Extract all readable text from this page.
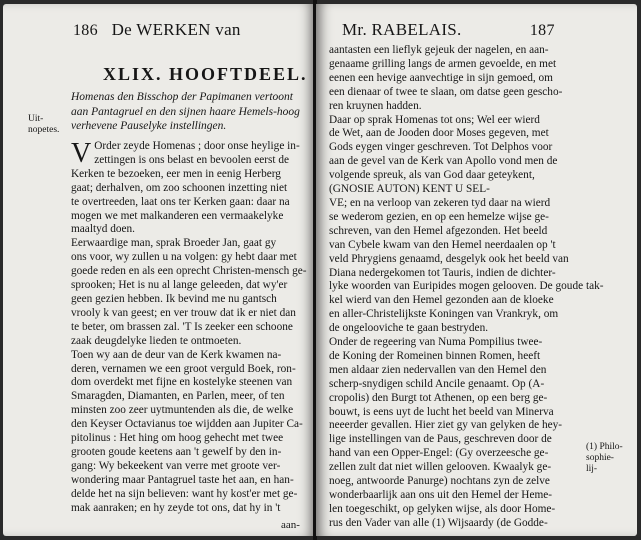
186 De WERKEN van
XLIX. HOOFTDEEL.
Uit-
nopetes.
Homenas den Bisschop der Papimanen vertoont aan Pantagruel en den sijnen haare Hemels-hoog verhevene Pauselyke instellingen.
V Order zeyde Homenas ; door onse heylige in-
zettingen is ons belast en bevoolen eerst de
Kerken te bezoeken, eer men in eenig Herberg
gaat; derhalven, om zoo schoonen inzetting niet
te overtreeden, laat ons ter Kerken gaan: daar na
mogen we met malkanderen een vermaakelyke
maaltyd doen.
Eerwaardige man, sprak Broeder Jan, gaat gy
ons voor, wy zullen u na volgen: gy hebt daar met
goede reden en als een oprecht Christen-mensch ge-
sprooken; Het is nu al lange geleeden, dat wy'er
geen gezien hebben. Ik bevind me nu gantsch
vrooly k van geest; en ver trouw dat ik er niet dan
te beter, om brassen zal. 'T Is zeeker een schoone
zaak deugdelyke lieden te ontmoeten.
Toen wy aan de deur van de Kerk kwamen na-
deren, vernamen we een groot verguld Boek, ron-
dom overdekt met fijne en kostelyke steenen van
Smaragden, Diamanten, en Parlen, meer, of ten
minsten zoo zeer uytmuntenden als die, de welke
den Keyser Octavianus toe wijdden aan Jupiter Ca-
pitolinus : Het hing om hoog gehecht met twee
grooten goude keetens aan 't gewelf by den in-
gang: Wy bekeekent van verre met groote ver-
wondering maar Pantagruel taste het aan, en han-
delde het na sijn believen: want hy kost'er met ge-
mak aanraken; en hy zeyde tot ons, dat hy in 't
aan-
Mr. RABELAIS.	187
aantasten een lieflyk gejeuk der nagelen, en aan-
genaame grilling langs de armen gevoelde, en met
eenen een hevige aanvechtige in sijn gemoed, om
een dienaar of twee te slaan, om datse geen gescho-
ren kruynen hadden.
Daar op sprak Homenas tot ons; Wel eer wierd
de Wet, aan de Jooden door Moses gegeven, met
Gods eygen vinger geschreven. Tot Delphos voor
aan de gevel van de Kerk van Apollo vond men de
volgende spreuk, als van God daar geteykent,
(GNOSIE AUTON) KENT U SEL-
VE; en na verloop van zekeren tyd daar na wierd
se wederom gezien, en op een hemelze wijse ge-
schreven, van den Hemel afgezonden. Het beeld
van Cybele kwam van den Hemel neerdaalen op 't
veld Phrygiens genaamd, desgelyk ook het beeld van
Diana nedergekomen tot Tauris, indien de dichter-
lyke woorden van Euripides mogen gelooven. De goude tak-
kel wierd van den Hemel gezonden aan de kloeke
en aller-Christelijkste Koningen van Vrankryk, om
de ongelooviche te gaan bestryden.
Onder de regeering van Numa Pompilius twee-
de Koning der Romeinen binnen Romen, heeft
men aldaar zien nedervallen van den Hemel den
scherp-snydigen schild Ancile genaamt. Op (A-
cropolis) den Burgt tot Athenen, op een berg ge-
bouwt, is eens uyt de lucht het beeld van Minerva
neeerder gevallen. Hier ziet gy van gelyken de hey-
lige instellingen van de Paus, geschreven door de
hand van een Opper-Engel: (Gy overzeesche ge-
zellen zult dat niet willen gelooven. Kwaalyk ge-
noeg, antwoorde Panurge) nochtans zyn de zelve
wonderbaarlijk aan ons uit den Hemel der Heme-
len toegeschikt, op gelyken wijse, als door Home-
rus den Vader van alle (1) Wijsaardy (de Godde-
(1) Philo-
sophie-
lij-
